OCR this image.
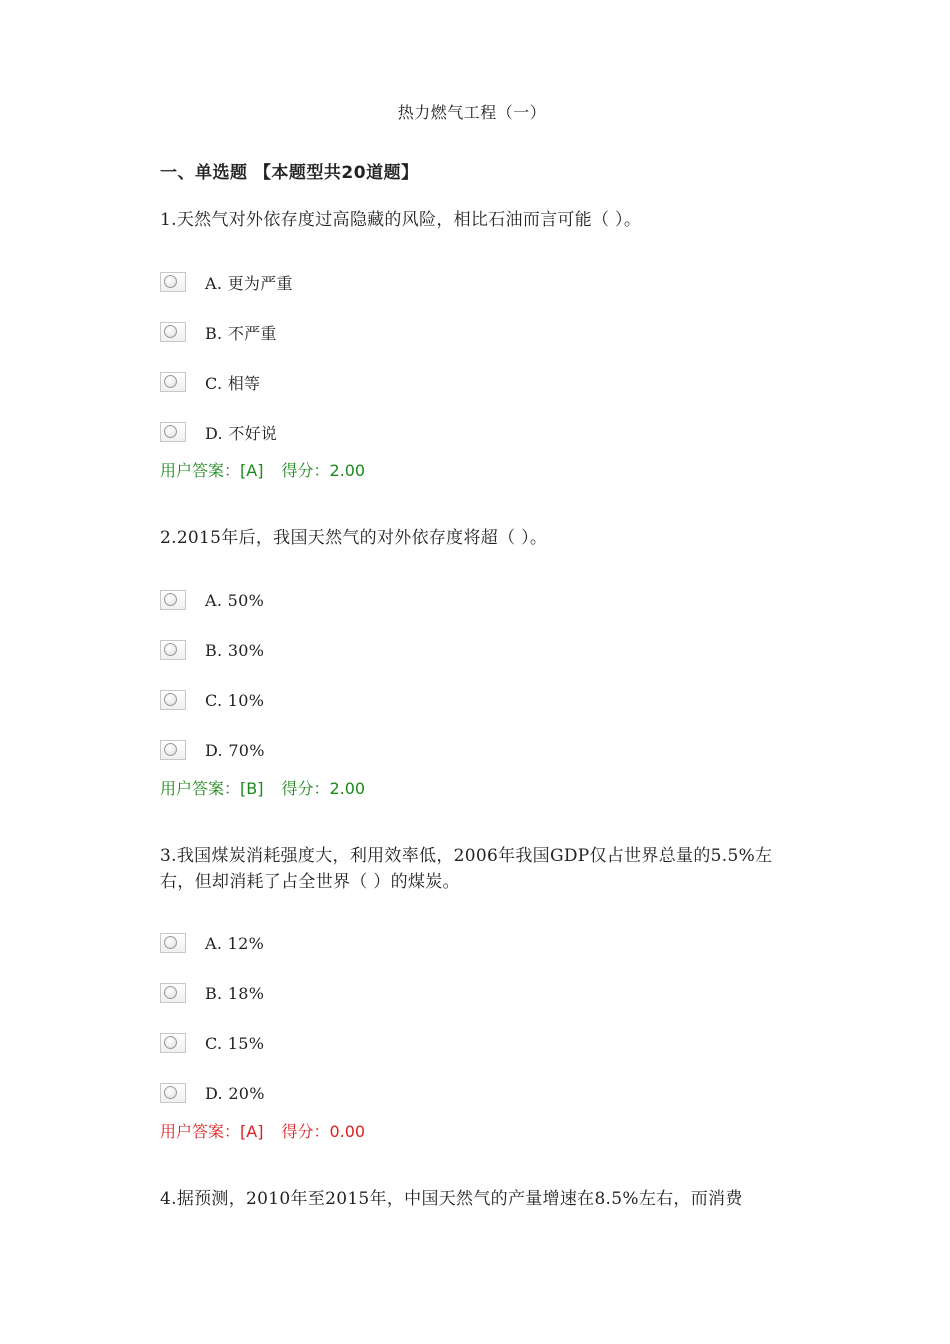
热力燃气工程（一）
一、单选题 【本题型共20道题】
1.天然气对外依存度过高隐藏的风险，相比石油而言可能（ ）。
A. 更为严重
B. 不严重
C. 相等
D. 不好说
用户答案：[A] 得分：2.00
2.2015年后，我国天然气的对外依存度将超（ ）。
A. 50%
B. 30%
C. 10%
D. 70%
用户答案：[B] 得分：2.00
3.我国煤炭消耗强度大，利用效率低，2006年我国GDP仅占世界总量的5.5%左右，但却消耗了占全世界（ ）的煤炭。
A. 12%
B. 18%
C. 15%
D. 20%
用户答案：[A] 得分：0.00
4.据预测，2010年至2015年，中国天然气的产量增速在8.5%左右，而消费
